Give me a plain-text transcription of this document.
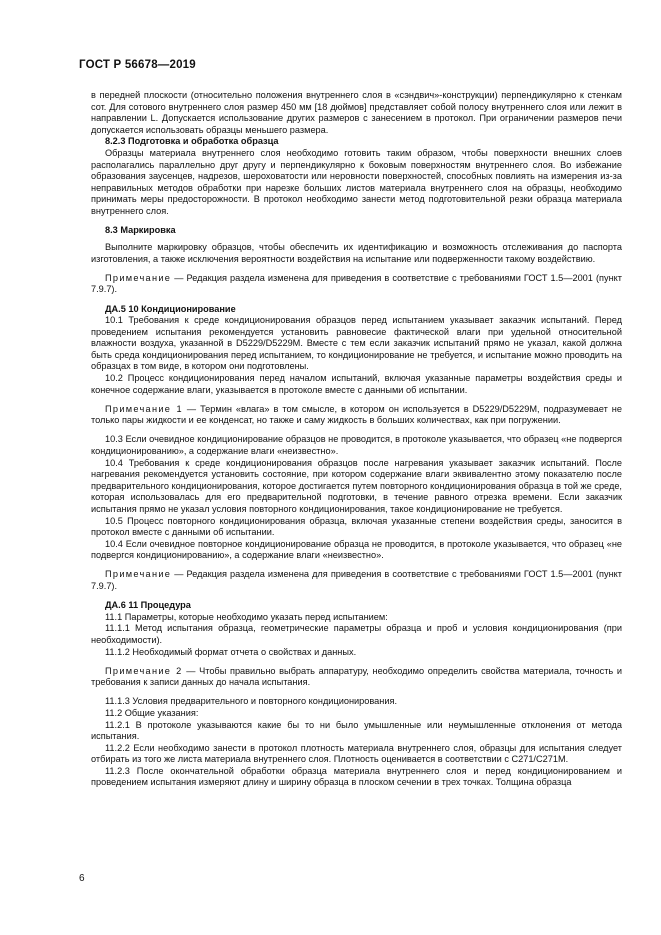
ГОСТ Р 56678—2019

в передней плоскости (относительно положения внутреннего слоя в «сэндвич»-конструкции) перпендикулярно к стенкам сот. Для сотового внутреннего слоя размер 450 мм [18 дюймов] представляет собой полосу внутреннего слоя или лежит в направлении L. Допускается использование других размеров с занесением в протокол. При ограничении размеров печи допускается использовать образцы меньшего размера.

8.2.3 Подготовка и обработка образца

Образцы материала внутреннего слоя необходимо готовить таким образом, чтобы поверхности внешних слоев располагались параллельно друг другу и перпендикулярно к боковым поверхностям внутреннего слоя. Во избежание образования заусенцев, надрезов, шероховатости или неровности поверхностей, способных повлиять на измерения из-за неправильных методов обработки при нарезке больших листов материала внутреннего слоя на образцы, необходимо принимать меры предосторожности. В протокол необходимо занести метод подготовительной резки образца материала внутреннего слоя.

8.3 Маркировка

Выполните маркировку образцов, чтобы обеспечить их идентификацию и возможность отслеживания до паспорта изготовления, а также исключения вероятности воздействия на испытание или подверженности такому воздействию.

Примечание — Редакция раздела изменена для приведения в соответствие с требованиями ГОСТ 1.5—2001 (пункт 7.9.7).

ДА.5 10 Кондиционирование

10.1 Требования к среде кондиционирования образцов перед испытанием указывает заказчик испытаний. Перед проведением испытания рекомендуется установить равновесие фактической влаги при удельной относительной влажности воздуха, указанной в D5229/D5229M. Вместе с тем если заказчик испытаний прямо не указал, какой должна быть среда кондиционирования перед испытанием, то кондиционирование не требуется, и испытание можно проводить на образцах в том виде, в котором они подготовлены.

10.2 Процесс кондиционирования перед началом испытаний, включая указанные параметры воздействия среды и конечное содержание влаги, указывается в протоколе вместе с данными об испытании.

Примечание 1 — Термин «влага» в том смысле, в котором он используется в D5229/D5229M, подразумевает не только пары жидкости и ее конденсат, но также и саму жидкость в больших количествах, как при погружении.

10.3 Если очевидное кондиционирование образцов не проводится, в протоколе указывается, что образец «не подвергся кондиционированию», а содержание влаги «неизвестно».

10.4 Требования к среде кондиционирования образцов после нагревания указывает заказчик испытаний. После нагревания рекомендуется установить состояние, при котором содержание влаги эквивалентно этому показателю после предварительного кондиционирования, которое достигается путем повторного кондиционирования образца в той же среде, которая использовалась для его предварительной подготовки, в течение равного отрезка времени. Если заказчик испытания прямо не указал условия повторного кондиционирования, такое кондиционирование не требуется.

10.5 Процесс повторного кондиционирования образца, включая указанные степени воздействия среды, заносится в протокол вместе с данными об испытании.

10.4 Если очевидное повторное кондиционирование образца не проводится, в протоколе указывается, что образец «не подвергся кондиционированию», а содержание влаги «неизвестно».

Примечание — Редакция раздела изменена для приведения в соответствие с требованиями ГОСТ 1.5—2001 (пункт 7.9.7).

ДА.6 11 Процедура

11.1 Параметры, которые необходимо указать перед испытанием:

11.1.1 Метод испытания образца, геометрические параметры образца и проб и условия кондиционирования (при необходимости).

11.1.2 Необходимый формат отчета о свойствах и данных.

Примечание 2 — Чтобы правильно выбрать аппаратуру, необходимо определить свойства материала, точность и требования к записи данных до начала испытания.

11.1.3 Условия предварительного и повторного кондиционирования.

11.2 Общие указания:

11.2.1 В протоколе указываются какие бы то ни было умышленные или неумышленные отклонения от метода испытания.

11.2.2 Если необходимо занести в протокол плотность материала внутреннего слоя, образцы для испытания следует отбирать из того же листа материала внутреннего слоя. Плотность оценивается в соответствии с C271/C271M.

11.2.3 После окончательной обработки образца материала внутреннего слоя и перед кондиционированием и проведением испытания измеряют длину и ширину образца в плоском сечении в трех точках. Толщина образца

6
